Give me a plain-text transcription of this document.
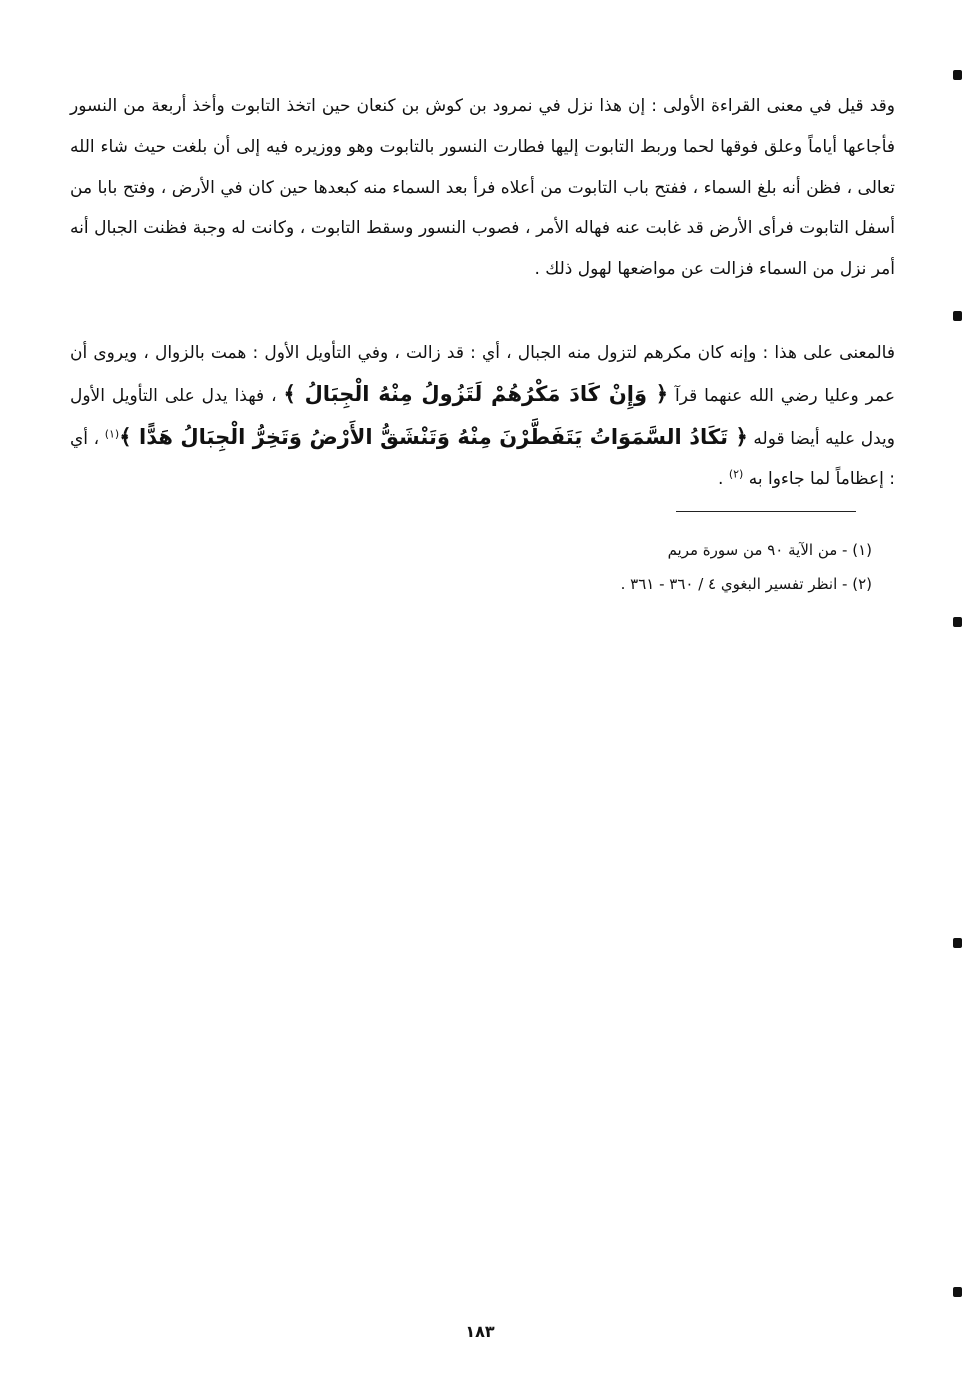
وقد قيل في معنى القراءة الأولى : إن هذا نزل في نمرود بن كوش بن كنعان حين اتخذ التابوت وأخذ أربعة من النسور فأجاعها أياماً وعلق فوقها لحما وربط التابوت إليها فطارت النسور بالتابوت وهو ووزيره فيه إلى أن بلغت حيث شاء الله تعالى ، فظن أنه بلغ السماء ، ففتح باب التابوت من أعلاه فرأ بعد السماء منه كبعدها حين كان في الأرض ، وفتح بابا من أسفل التابوت فرأى الأرض قد غابت عنه فهاله الأمر ، فصوب النسور وسقط التابوت ، وكانت له وجبة فظنت الجبال أنه أمر نزل من السماء فزالت عن مواضعها لهول ذلك .
فالمعنى على هذا : وإنه كان مكرهم لتزول منه الجبال ، أي : قد زالت ، وفي التأويل الأول : همت بالزوال ، ويروى أن عمر وعليا رضي الله عنهما قرآ ﴿ وَإِنْ كَادَ مَكْرُهُمْ لَتَزُولُ مِنْهُ الْجِبَالُ ﴾ ، فهذا يدل على التأويل الأول ويدل عليه أيضا قوله ﴿ تَكَادُ السَّمَوَاتُ يَتَفَطَّرْنَ مِنْهُ وَتَنْشَقُّ الأَرْضُ وَتَخِرُّ الْجِبَالُ هَدًّا ﴾$^{(١)}$ ، أي : إعظاماً لما جاءوا به $^{(٢)}$ .
(١) - من الآية ٩٠ من سورة مريم
(٢) - انظر تفسير البغوي ٤ / ٣٦٠ - ٣٦١ .
١٨٣
